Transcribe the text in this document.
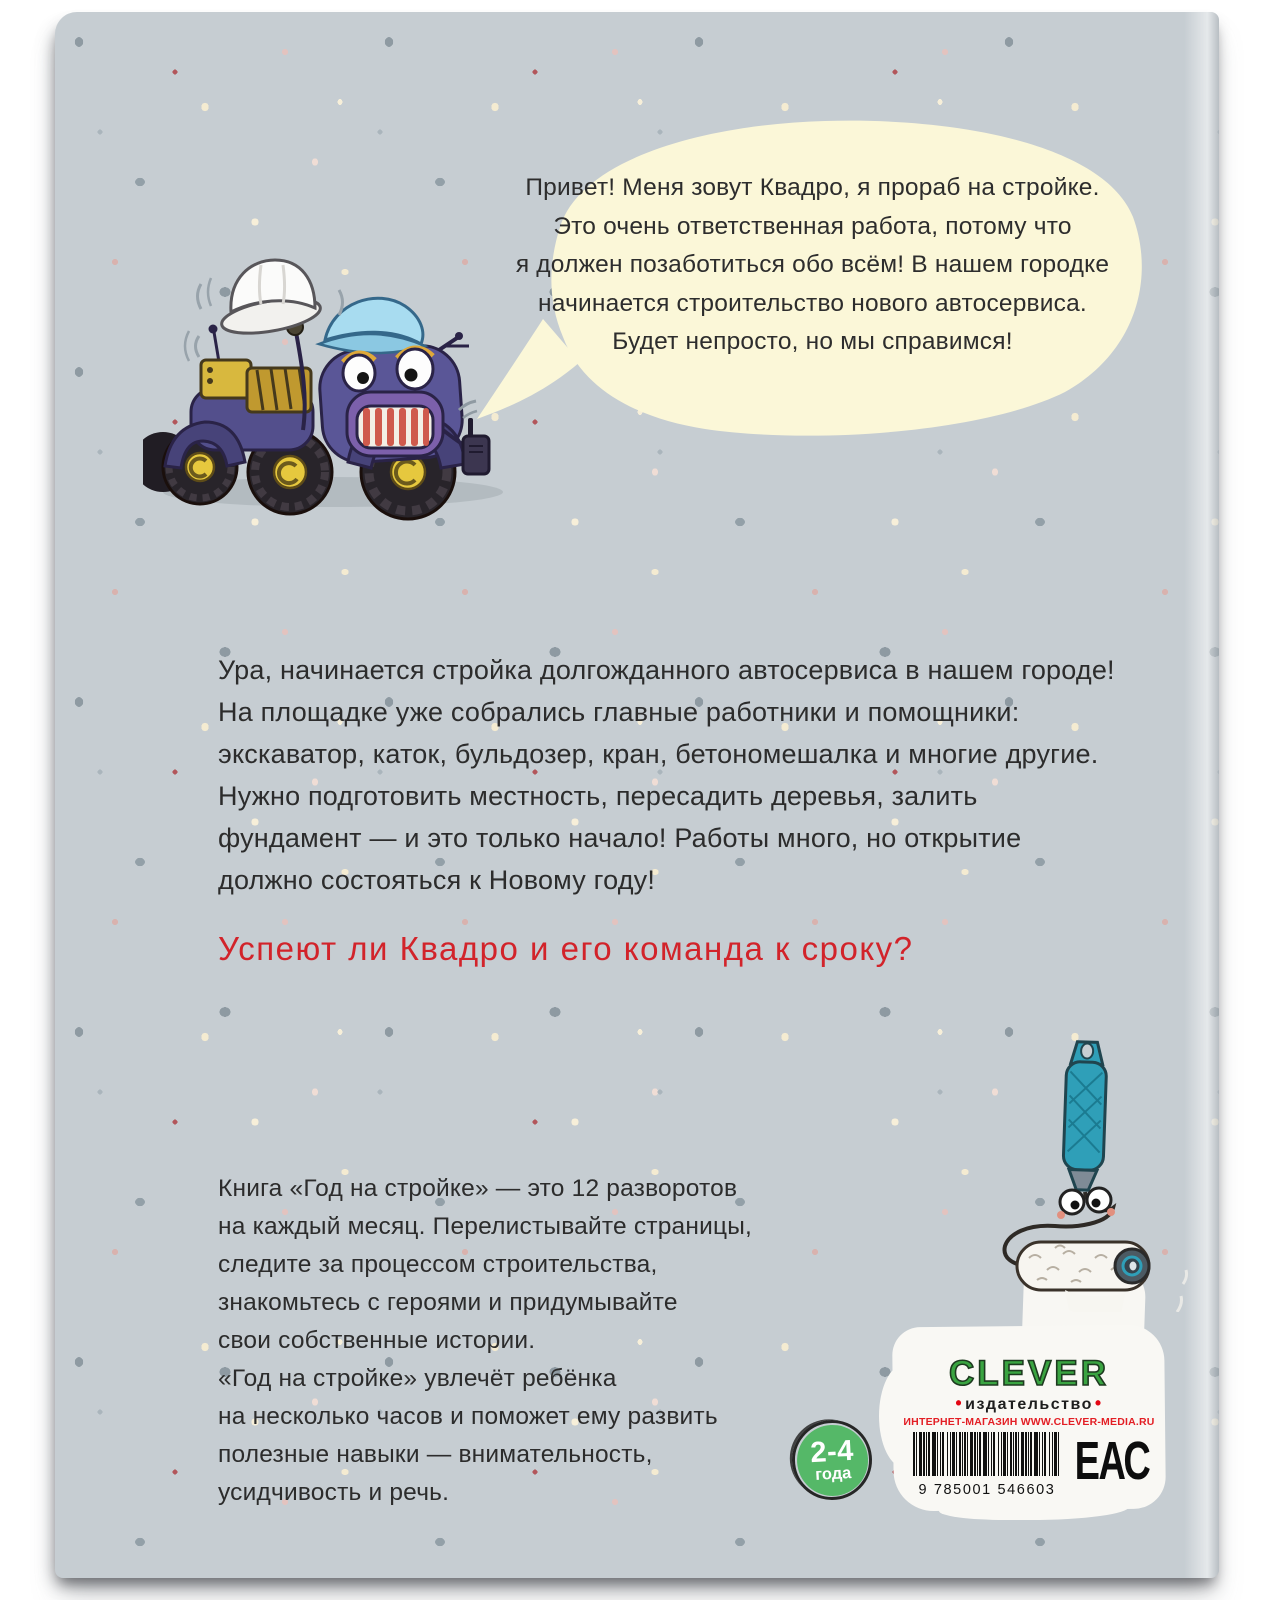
Привет! Меня зовут Квадро, я прораб на стройке.
Это очень ответственная работа, потому что
я должен позаботиться обо всём! В нашем городке
начинается строительство нового автосервиса.
Будет непросто, но мы справимся!
Ура, начинается стройка долгожданного автосервиса в нашем городе!
На площадке уже собрались главные работники и помощники:
экскаватор, каток, бульдозер, кран, бетономешалка и многие другие.
Нужно подготовить местность, пересадить деревья, залить
фундамент — и это только начало! Работы много, но открытие
должно состояться к Новому году!
Успеют ли Квадро и его команда к сроку?
Книга «Год на стройке» — это 12 разворотов
на каждый месяц. Перелистывайте страницы,
следите за процессом строительства,
знакомьтесь с героями и придумывайте
свои собственные истории.
«Год на стройке» увлечёт ребёнка
на несколько часов и поможет ему развить
полезные навыки — внимательность,
усидчивость и речь.
2-4
года
CLEVER
• издательство •
ИНТЕРНЕТ-МАГАЗИН WWW.CLEVER-MEDIA.RU
9 785001 546603 ЕАС
